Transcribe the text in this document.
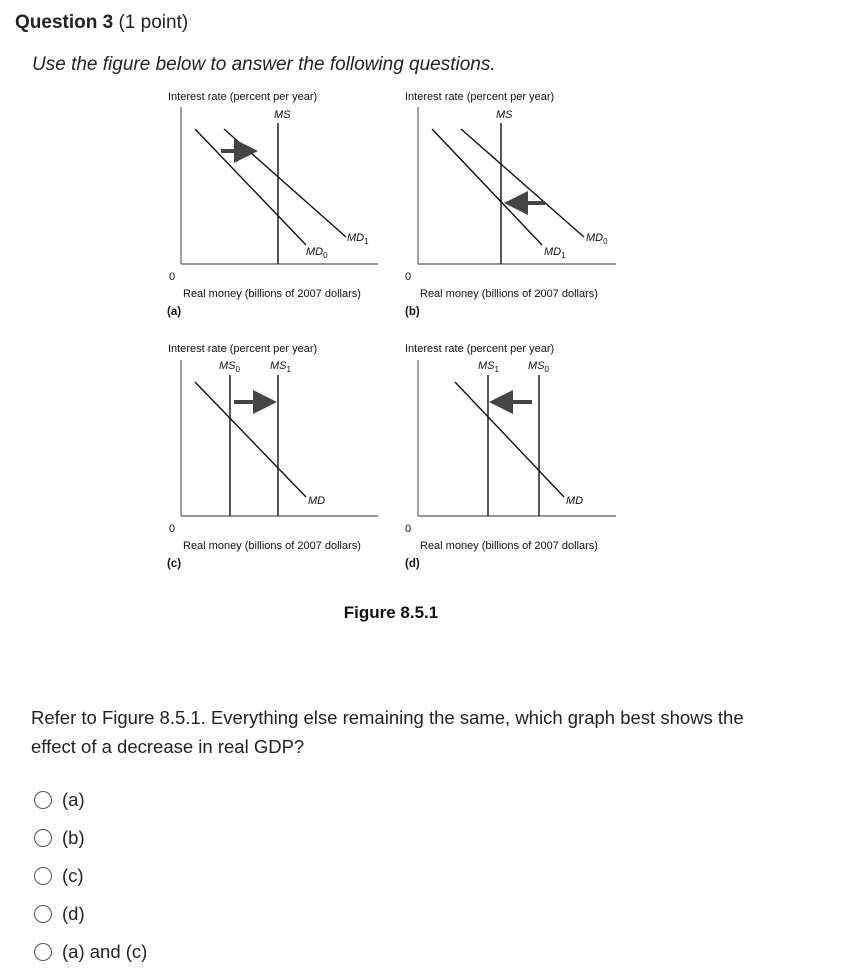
Question 3 (1 point)
Use the figure below to answer the following questions.
Interest rate (percent per year)
0
Real money (billions of 2007 dollars)
(a)
MS
$MD_0$
$MD_1$
Interest rate (percent per year)
0
Real money (billions of 2007 dollars)
(b)
MS
$MD_1$
$MD_0$
Interest rate (percent per year)
0
Real money (billions of 2007 dollars)
(c)
$MS_0$	$MS_1$
MD
Interest rate (percent per year)
0
Real money (billions of 2007 dollars)
(d)
$MS_1$	$MS_0$
MD
Figure 8.5.1
Refer to Figure 8.5.1. Everything else remaining the same, which graph best shows the effect of a decrease in real GDP?
(a)
(b)
(c)
(d)
(a) and (c)
